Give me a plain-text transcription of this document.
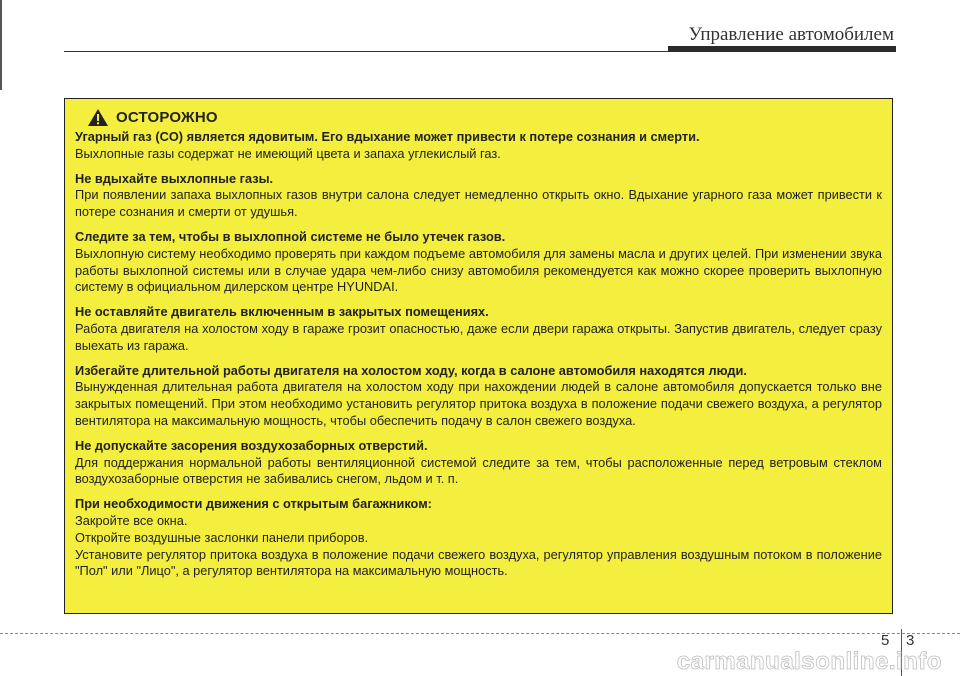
Управление автомобилем
ОСТОРОЖНО

Угарный газ (CO) является ядовитым. Его вдыхание может привести к потере сознания и смерти.

Выхлопные газы содержат не имеющий цвета и запаха углекислый газ.

Не вдыхайте выхлопные газы.

При появлении запаха выхлопных газов внутри салона следует немедленно открыть окно. Вдыхание угарного газа может привести к потере сознания и смерти от удушья.

Следите за тем, чтобы в выхлопной системе не было утечек газов.

Выхлопную систему необходимо проверять при каждом подъеме автомобиля для замены масла и других целей. При изменении звука работы выхлопной системы или в случае удара чем-либо снизу автомобиля рекомендуется как можно скорее проверить выхлопную систему в официальном дилерском центре HYUNDAI.

Не оставляйте двигатель включенным в закрытых помещениях.

Работа двигателя на холостом ходу в гараже грозит опасностью, даже если двери гаража открыты. Запустив двигатель, следует сразу выехать из гаража.

Избегайте длительной работы двигателя на холостом ходу, когда в салоне автомобиля находятся люди.

Вынужденная длительная работа двигателя на холостом ходу при нахождении людей в салоне автомобиля допускается только вне закрытых помещений. При этом необходимо установить регулятор притока воздуха в положение подачи свежего воздуха, а регулятор вентилятора на максимальную мощность, чтобы обеспечить подачу в салон свежего воздуха.

Не допускайте засорения воздухозаборных отверстий.

Для поддержания нормальной работы вентиляционной системой следите за тем, чтобы расположенные перед ветровым стеклом воздухозаборные отверстия не забивались снегом, льдом и т. п.

При необходимости движения с открытым багажником:

Закройте все окна.

Откройте воздушные заслонки панели приборов.

Установите регулятор притока воздуха в положение подачи свежего воздуха, регулятор управления воздушным потоком в положение "Пол" или "Лицо", а регулятор вентилятора на максимальную мощность.

5 3
carmanualsonline.info
